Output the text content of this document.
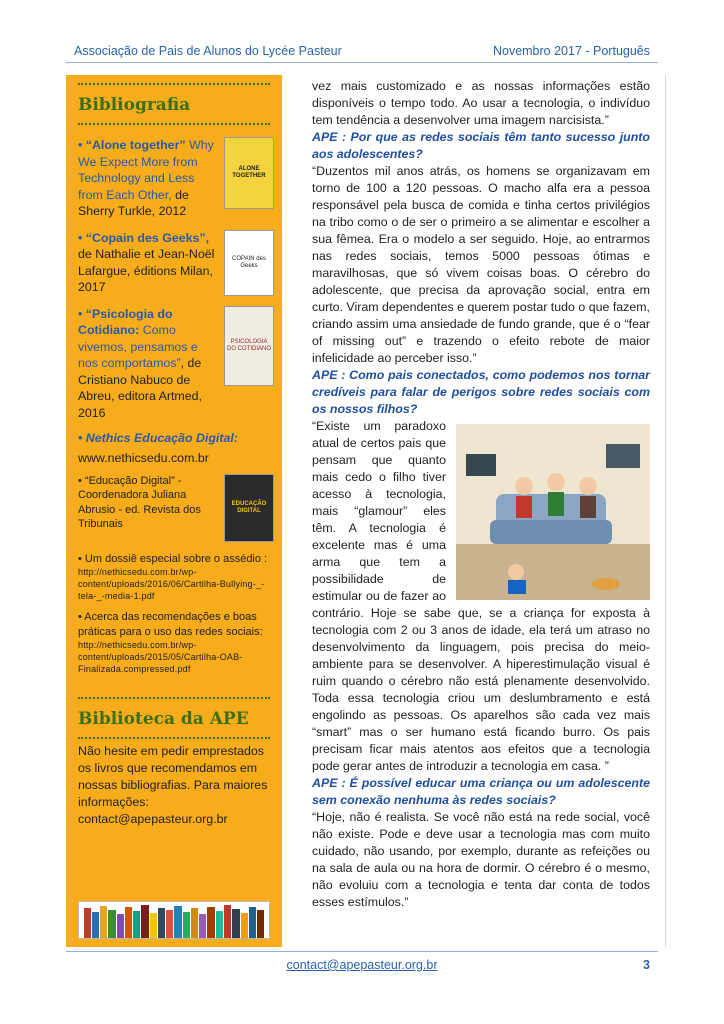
Associação de Pais de Alunos do Lycée Pasteur	Novembro 2017 - Português
Bibliografia
• “Alone together” Why We Expect More from Technology and Less from Each Other, de Sherry Turkle, 2012
ALONE TOGETHER
• “Copain des Geeks”, de Nathalie et Jean-Noël Lafargue, éditions Milan, 2017
COPAIN des Geeks
• “Psicologia do Cotidiano: Como vivemos, pensamos e nos comportamos”, de Cristiano Nabuco de Abreu, editora Artmed, 2016
PSICOLOGIA DO COTIDIANO
• Nethics Educação Digital:
www.nethicsedu.com.br
• “Educação Digital” - Coordenadora Juliana Abrusio - ed. Revista dos Tribunais
EDUCAÇÃO DIGITAL
• Um dossiê especial sobre o assédio :
http://nethicsedu.com.br/wp-content/uploads/2016/06/Cartilha-Bullying-_-tela-_-media-1.pdf
• Acerca das recomendações e boas práticas para o uso das redes sociais:
http://nethicsedu.com.br/wp-content/uploads/2015/05/Cartilha-OAB-Finalizada.compressed.pdf
Biblioteca da APE
Não hesite em pedir emprestados os livros que recomendamos em nossas bibliografias. Para maiores informações:
contact@apepasteur.org.br

vez mais customizado e as nossas informações estão disponíveis o tempo todo. Ao usar a tecnologia, o indivíduo tem tendência a desenvolver uma imagem narcisista.”

APE : Por que as redes sociais têm tanto sucesso junto aos adolescentes?

“Duzentos mil anos atrás, os homens se organizavam em torno de 100 a 120 pessoas. O macho alfa era a pessoa responsável pela busca de comida e tinha certos privilégios na tribo como o de ser o primeiro a se alimentar e escolher a sua fêmea. Era o modelo a ser seguido. Hoje, ao entrarmos nas redes sociais, temos 5000 pessoas ótimas e maravilhosas, que só vivem coisas boas. O cérebro do adolescente, que precisa da aprovação social, entra em curto. Viram dependentes e querem postar tudo o que fazem, criando assim uma ansiedade de fundo grande, que é o “fear of missing out” e trazendo o efeito rebote de maior infelicidade ao perceber isso.”

APE : Como pais conectados, como podemos nos tornar credíveis para falar de perigos sobre redes sociais com os nossos filhos?

“Existe um paradoxo atual de certos pais que pensam que quanto mais cedo o filho tiver acesso à tecnologia, mais “glamour” eles têm. A tecnologia é excelente mas é uma arma que tem a possibilidade de estimular ou de fazer ao contrário. Hoje se sabe que, se a criança for exposta à tecnologia com 2 ou 3 anos de idade, ela terá um atraso no desenvolvimento da linguagem, pois precisa do meio-ambiente para se desenvolver. A hiperestimulação visual é ruim quando o cérebro não está plenamente desenvolvido. Toda essa tecnologia criou um deslumbramento e está engolindo as pessoas. Os aparelhos são cada vez mais “smart” mas o ser humano está ficando burro. Os pais precisam ficar mais atentos aos efeitos que a tecnologia pode gerar antes de introduzir a tecnologia em casa. ”

APE : É possível educar uma criança ou um adolescente sem conexão nenhuma às redes sociais?

“Hoje, não é realista. Se você não está na rede social, você não existe. Pode e deve usar a tecnologia mas com muito cuidado, não usando, por exemplo, durante as refeições ou na sala de aula ou na hora de dormir. O cérebro é o mesmo, não evoluiu com a tecnologia e tenta dar conta de todos esses estímulos.”

contact@apepasteur.org.br	3
